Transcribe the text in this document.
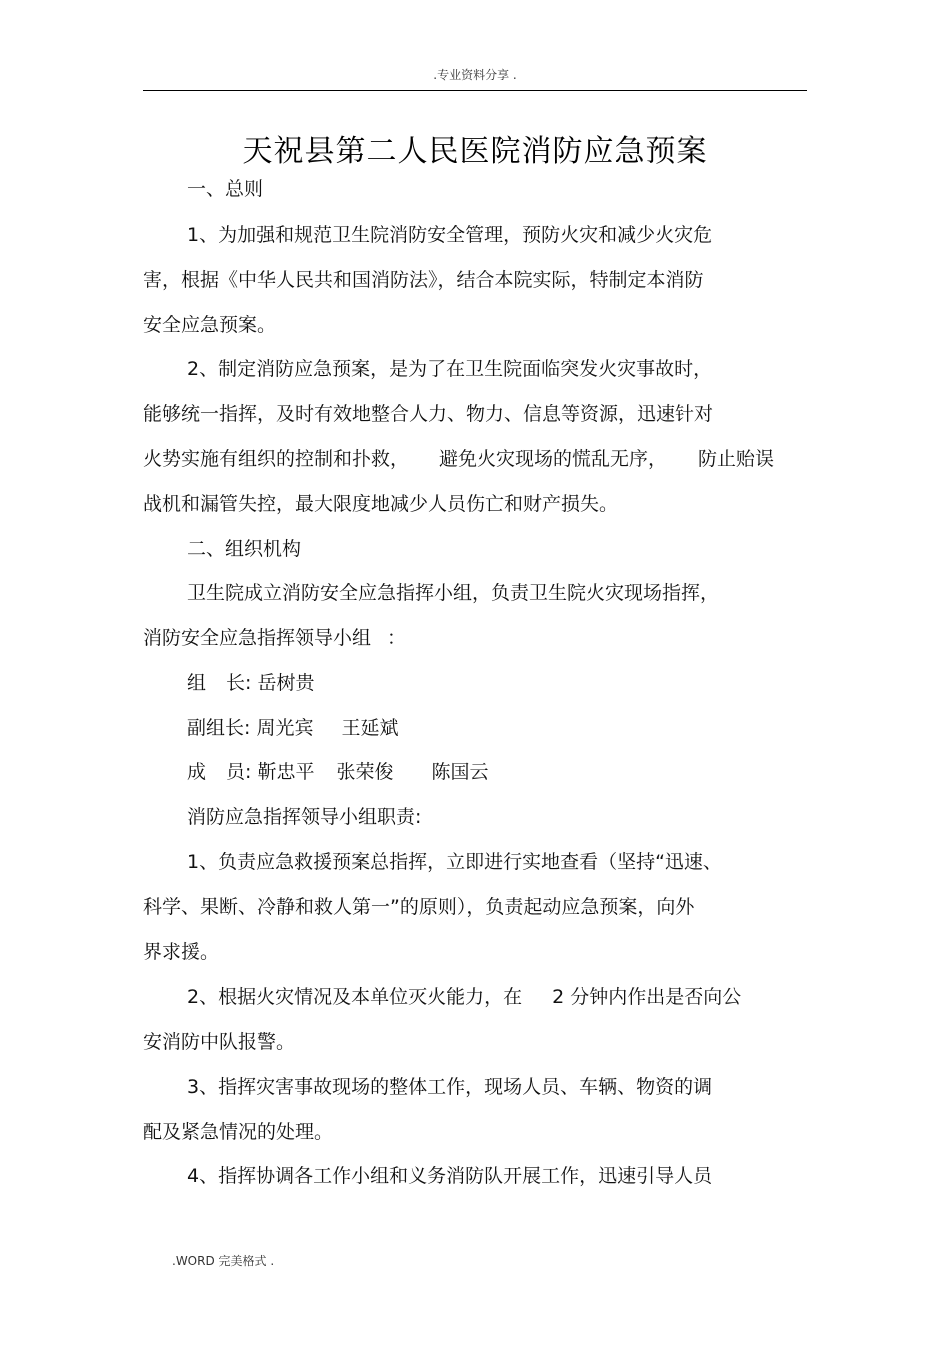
.专业资料分享 .
天祝县第二人民医院消防应急预案
一、总则
1、为加强和规范卫生院消防安全管理，预防火灾和减少火灾危
害，根据《中华人民共和国消防法》，结合本院实际，特制定本消防
安全应急预案。
2、制定消防应急预案，是为了在卫生院面临突发火灾事故时，
能够统一指挥，及时有效地整合人力、物力、信息等资源，迅速针对
火势实施有组织的控制和扑救， 避免火灾现场的慌乱无序， 防止贻误
战机和漏管失控，最大限度地减少人员伤亡和财产损失。
二、组织机构
卫生院成立消防安全应急指挥小组，负责卫生院火灾现场指挥，
消防安全应急指挥领导小组 ：
组 长: 岳树贵
副组长: 周光宾 王延斌
成 员: 靳忠平 张荣俊 陈国云
消防应急指挥领导小组职责:
1、负责应急救援预案总指挥，立即进行实地查看（坚持“迅速、
科学、果断、冷静和救人第一”的原则），负责起动应急预案，向外
界求援。
2、根据火灾情况及本单位灭火能力，在 2 分钟内作出是否向公
安消防中队报警。
3、指挥灾害事故现场的整体工作，现场人员、车辆、物资的调
配及紧急情况的处理。
4、指挥协调各工作小组和义务消防队开展工作，迅速引导人员
.WORD 完美格式 .
